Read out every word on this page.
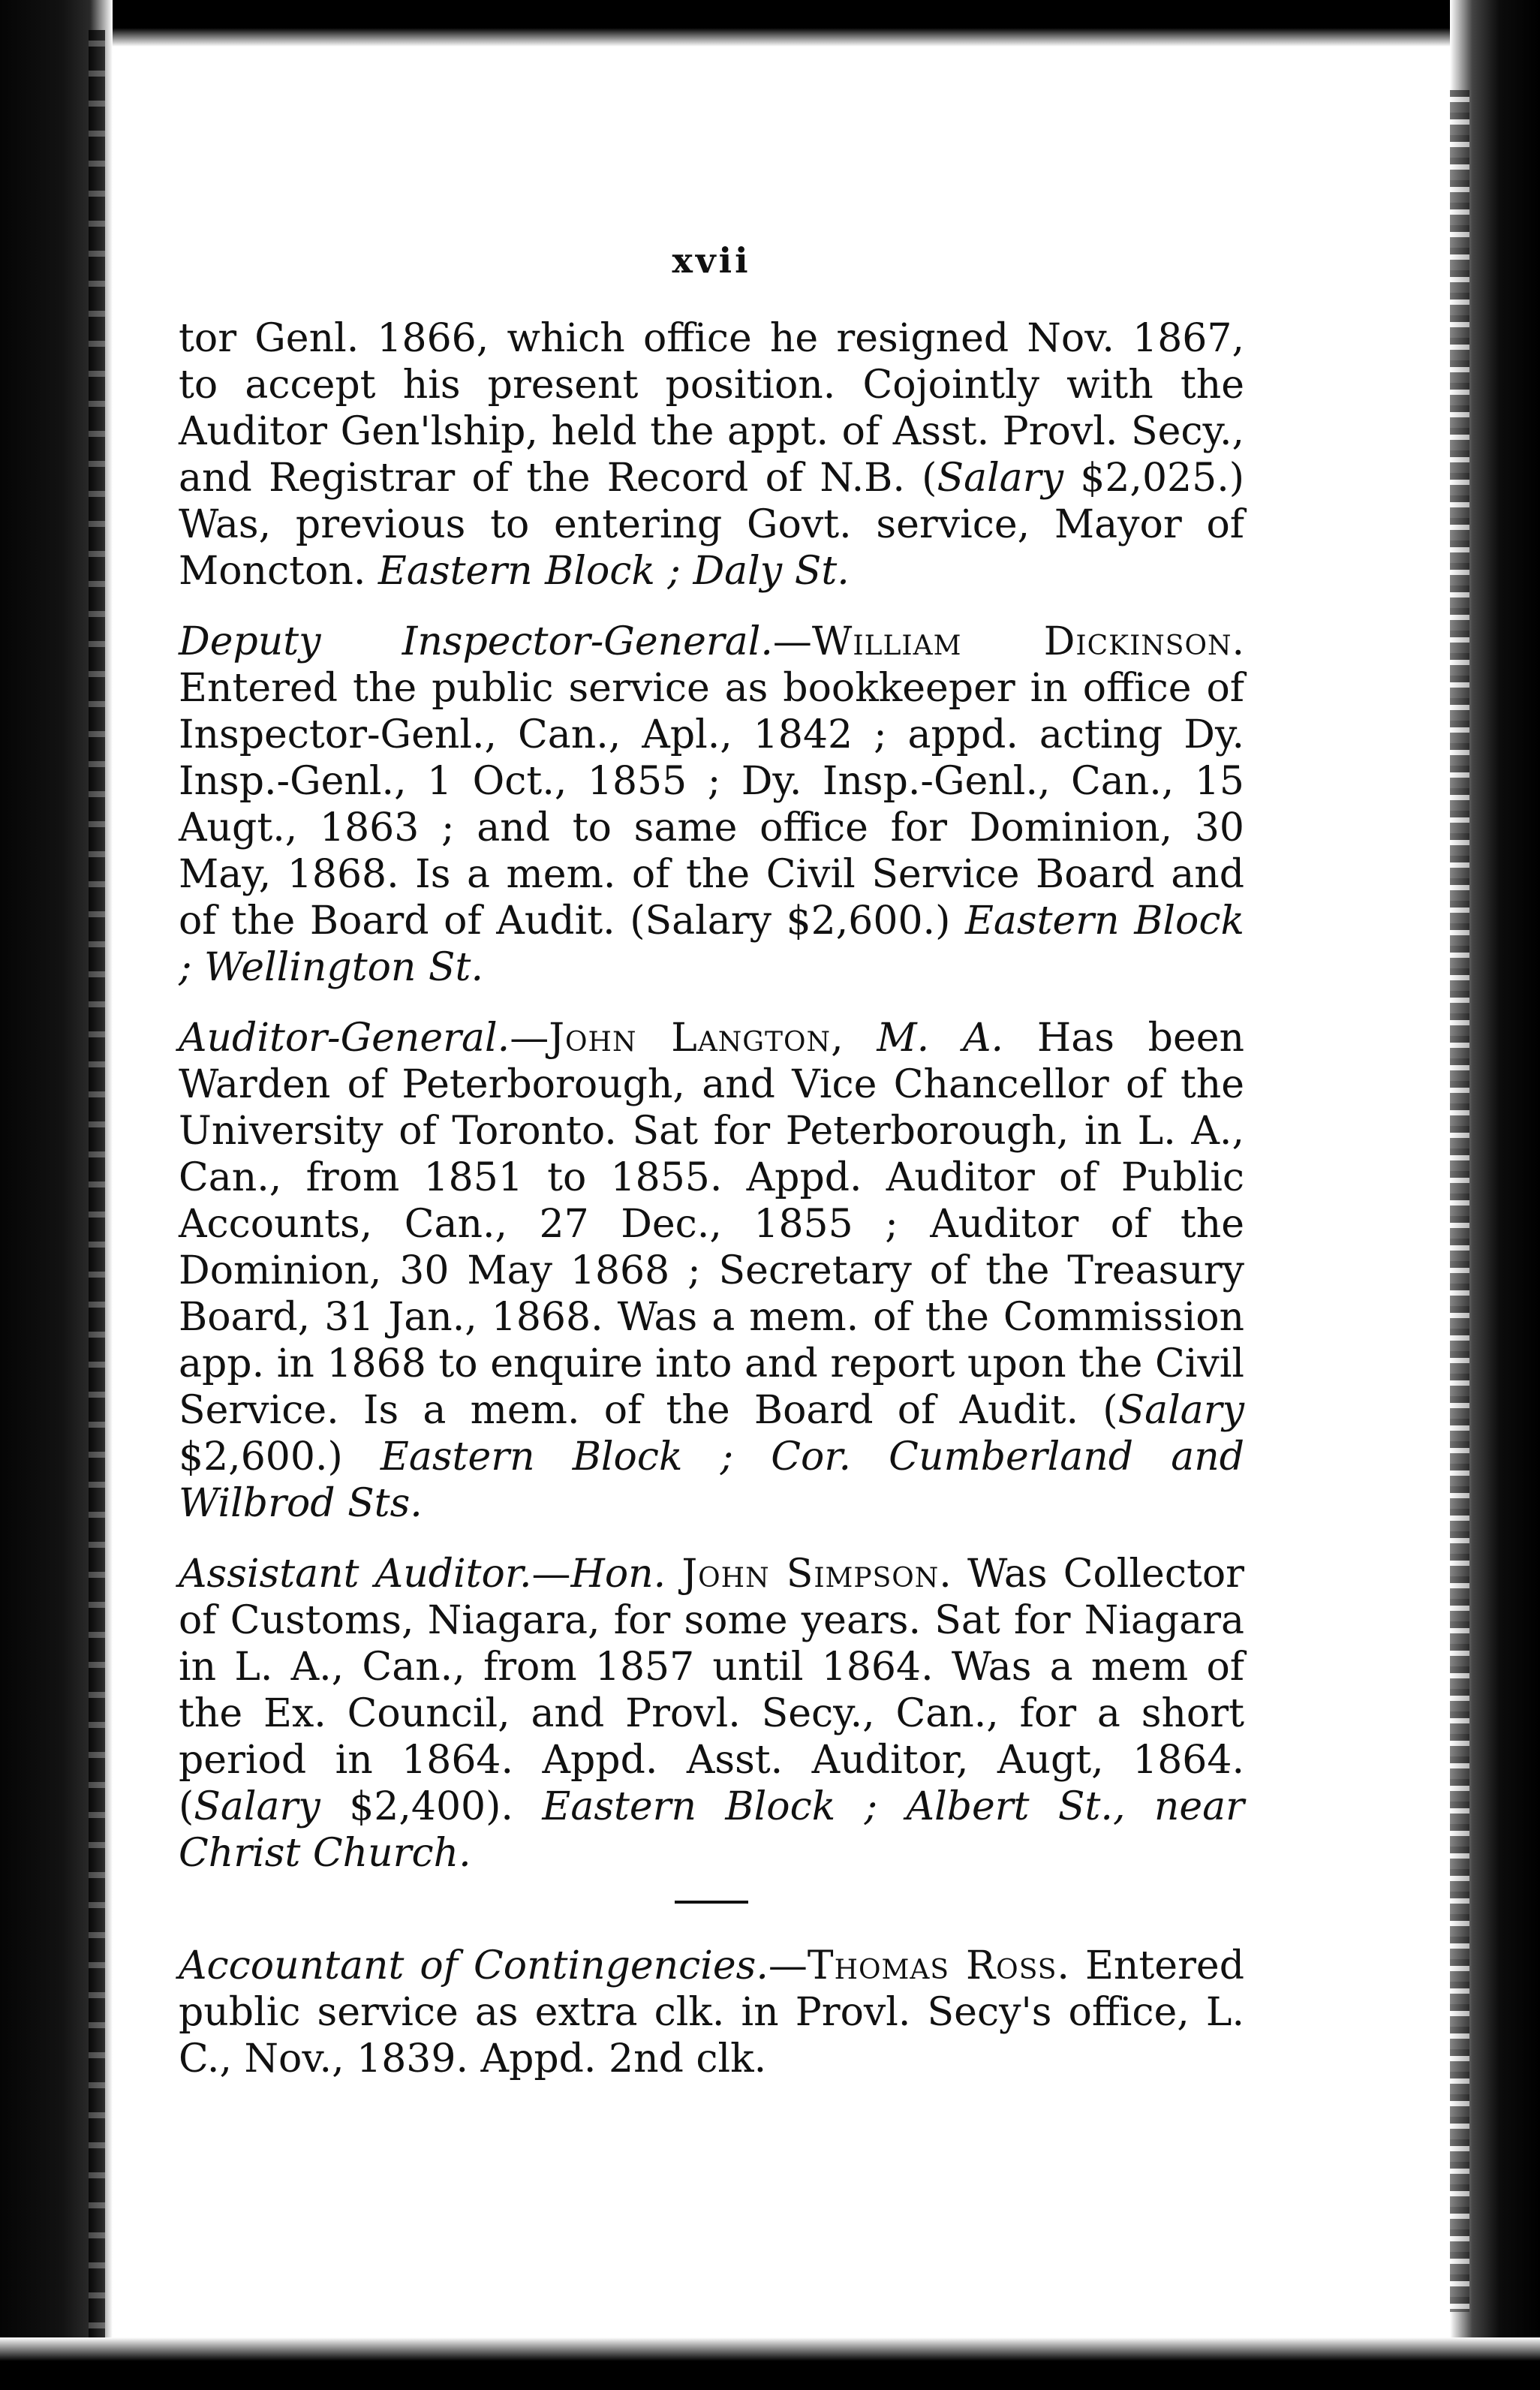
xvii

tor Genl. 1866, which office he resigned Nov. 1867, to accept his present position. Cojointly with the Auditor Gen'lship, held the appt. of Asst. Provl. Secy., and Registrar of the Record of N.B. (Salary $2,025.) Was, previous to entering Govt. service, Mayor of Moncton. Eastern Block ; Daly St.

Deputy Inspector-General.—William Dickinson. Entered the public service as bookkeeper in office of Inspector-Genl., Can., Apl., 1842 ; appd. acting Dy. Insp.-Genl., 1 Oct., 1855 ; Dy. Insp.-Genl., Can., 15 Augt., 1863 ; and to same office for Dominion, 30 May, 1868. Is a mem. of the Civil Service Board and of the Board of Audit. (Salary $2,600.) Eastern Block ; Wellington St.

Auditor-General.—John Langton, M. A. Has been Warden of Peterborough, and Vice Chancellor of the University of Toronto. Sat for Peterborough, in L. A., Can., from 1851 to 1855. Appd. Auditor of Public Accounts, Can., 27 Dec., 1855 ; Auditor of the Dominion, 30 May 1868 ; Secretary of the Treasury Board, 31 Jan., 1868. Was a mem. of the Commission app. in 1868 to enquire into and report upon the Civil Service. Is a mem. of the Board of Audit. (Salary $2,600.) Eastern Block ; Cor. Cumberland and Wilbrod Sts.

Assistant Auditor.—Hon. John Simpson. Was Collector of Customs, Niagara, for some years. Sat for Niagara in L. A., Can., from 1857 until 1864. Was a mem of the Ex. Council, and Provl. Secy., Can., for a short period in 1864. Appd. Asst. Auditor, Augt, 1864. (Salary $2,400). Eastern Block ; Albert St., near Christ Church.

Accountant of Contingencies.—Thomas Ross. Entered public service as extra clk. in Provl. Secy's office, L. C., Nov., 1839. Appd. 2nd clk.
